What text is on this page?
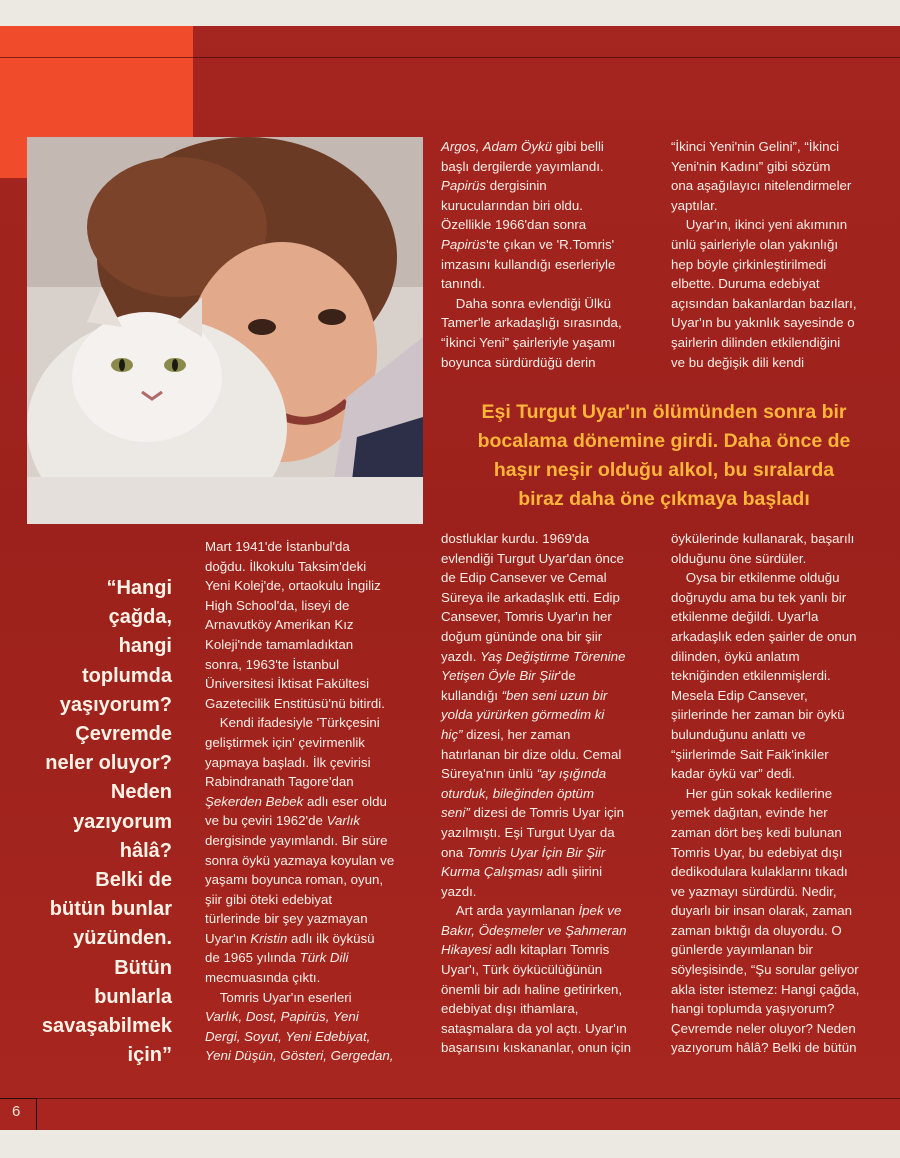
Argos, Adam Öykü gibi belli

başlı dergilerde yayımlandı.

Papirüs dergisinin

kurucularından biri oldu.

Özellikle 1966'dan sonra

Papirüs'te çıkan ve 'R.Tomris'

imzasını kullandığı eserleriyle

tanındı.

Daha sonra evlendiği Ülkü

Tamer'le arkadaşlığı sırasında,

“İkinci Yeni” şairleriyle yaşamı

boyunca sürdürdüğü derin

“İkinci Yeni'nin Gelini”, “İkinci

Yeni'nin Kadını” gibi sözüm

ona aşağılayıcı nitelendirmeler

yaptılar.

Uyar'ın, ikinci yeni akımının

ünlü şairleriyle olan yakınlığı

hep böyle çirkinleştirilmedi

elbette. Duruma edebiyat

açısından bakanlardan bazıları,

Uyar'ın bu yakınlık sayesinde o

şairlerin dilinden etkilendiğini

ve bu değişik dili kendi

Eşi Turgut Uyar'ın ölümünden sonra bir

bocalama dönemine girdi. Daha önce de

haşır neşir olduğu alkol, bu sıralarda

biraz daha öne çıkmaya başladı

“Hangi

çağda,

hangi

toplumda

yaşıyorum?

Çevremde

neler oluyor?

Neden

yazıyorum

hâlâ?

Belki de

bütün bunlar

yüzünden.

Bütün

bunlarla

savaşabilmek

için”

Mart 1941'de İstanbul'da

doğdu. İlkokulu Taksim'deki

Yeni Kolej'de, ortaokulu İngiliz

High School'da, liseyi de

Arnavutköy Amerikan Kız

Koleji'nde tamamladıktan

sonra, 1963'te İstanbul

Üniversitesi İktisat Fakültesi

Gazetecilik Enstitüsü'nü bitirdi.

Kendi ifadesiyle 'Türkçesini

geliştirmek için' çevirmenlik

yapmaya başladı. İlk çevirisi

Rabindranath Tagore'dan

Şekerden Bebek adlı eser oldu

ve bu çeviri 1962'de Varlık

dergisinde yayımlandı. Bir süre

sonra öykü yazmaya koyulan ve

yaşamı boyunca roman, oyun,

şiir gibi öteki edebiyat

türlerinde bir şey yazmayan

Uyar'ın Kristin adlı ilk öyküsü

de 1965 yılında Türk Dili

mecmuasında çıktı.

Tomris Uyar'ın eserleri

Varlık, Dost, Papirüs, Yeni

Dergi, Soyut, Yeni Edebiyat,

Yeni Düşün, Gösteri, Gergedan,

dostluklar kurdu. 1969'da

evlendiği Turgut Uyar'dan önce

de Edip Cansever ve Cemal

Süreya ile arkadaşlık etti. Edip

Cansever, Tomris Uyar'ın her

doğum gününde ona bir şiir

yazdı. Yaş Değiştirme Törenine

Yetişen Öyle Bir Şiir'de

kullandığı “ben seni uzun bir

yolda yürürken görmedim ki

hiç” dizesi, her zaman

hatırlanan bir dize oldu. Cemal

Süreya'nın ünlü “ay ışığında

oturduk, bileğinden öptüm

seni” dizesi de Tomris Uyar için

yazılmıştı. Eşi Turgut Uyar da

ona Tomris Uyar İçin Bir Şiir

Kurma Çalışması adlı şiirini

yazdı.

Art arda yayımlanan İpek ve

Bakır, Ödeşmeler ve Şahmeran

Hikayesi adlı kitapları Tomris

Uyar'ı, Türk öykücülüğünün

önemli bir adı haline getirirken,

edebiyat dışı ithamlara,

sataşmalara da yol açtı. Uyar'ın

başarısını kıskananlar, onun için

öykülerinde kullanarak, başarılı

olduğunu öne sürdüler.

Oysa bir etkilenme olduğu

doğruydu ama bu tek yanlı bir

etkilenme değildi. Uyar'la

arkadaşlık eden şairler de onun

dilinden, öykü anlatım

tekniğinden etkilenmişlerdi.

Mesela Edip Cansever,

şiirlerinde her zaman bir öykü

bulunduğunu anlattı ve

“şiirlerimde Sait Faik'inkiler

kadar öykü var” dedi.

Her gün sokak kedilerine

yemek dağıtan, evinde her

zaman dört beş kedi bulunan

Tomris Uyar, bu edebiyat dışı

dedikodulara kulaklarını tıkadı

ve yazmayı sürdürdü. Nedir,

duyarlı bir insan olarak, zaman

zaman bıktığı da oluyordu. O

günlerde yayımlanan bir

söyleşisinde, “Şu sorular geliyor

akla ister istemez: Hangi çağda,

hangi toplumda yaşıyorum?

Çevremde neler oluyor? Neden

yazıyorum hâlâ? Belki de bütün

6
